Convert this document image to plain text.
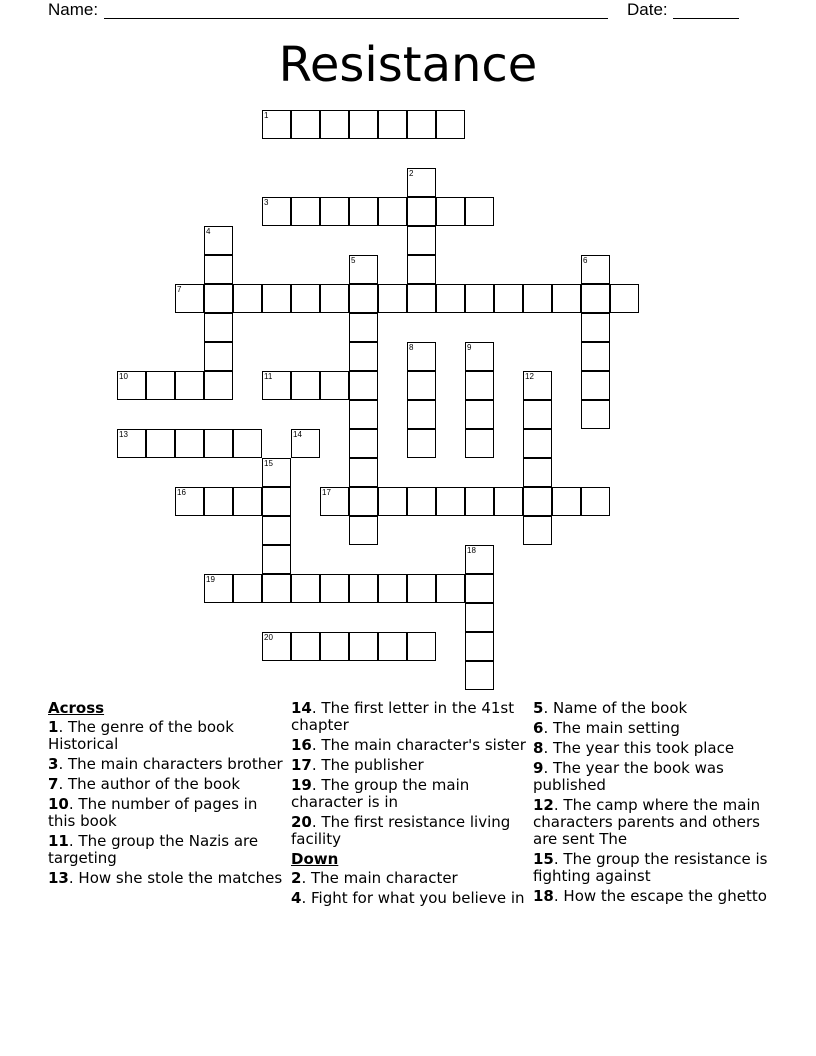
Name:	Date:
Resistance
1
2
3
4
5	6
7
8	9
10	11	12
13	14
15
16	17
18
19
20
Across
1. The genre of the book Historical
3. The main characters brother
7. The author of the book
10. The number of pages in this book
11. The group the Nazis are targeting
13. How she stole the matches
14. The first letter in the 41st chapter
16. The main character's sister
17. The publisher
19. The group the main character is in
20. The first resistance living facility
Down
2. The main character
4. Fight for what you believe in
5. Name of the book
6. The main setting
8. The year this took place
9. The year the book was published
12. The camp where the main characters parents and others are sent The
15. The group the resistance is fighting against
18. How the escape the ghetto
